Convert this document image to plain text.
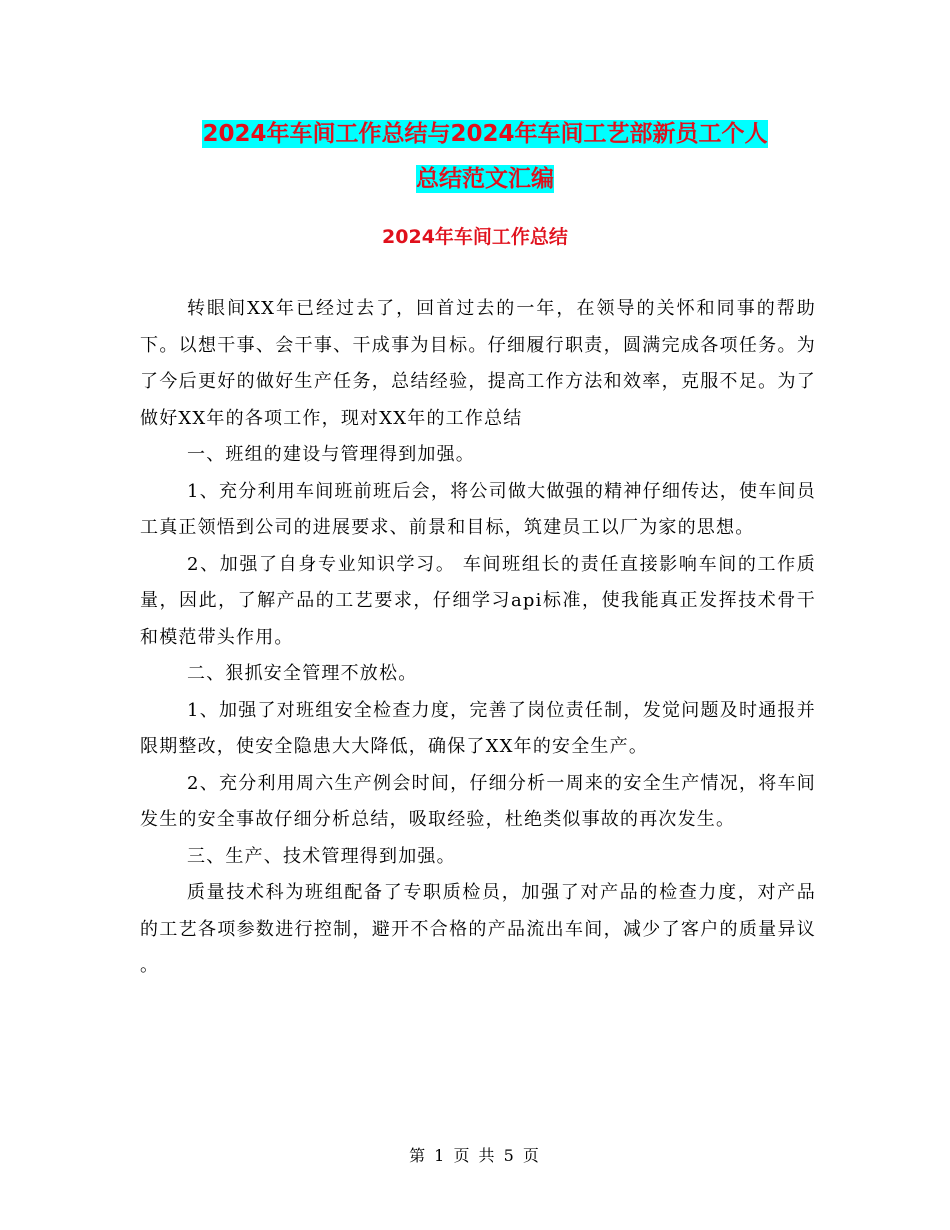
2024年车间工作总结与2024年车间工艺部新员工个人
总结范文汇编
2024年车间工作总结

转眼间XX年已经过去了，回首过去的一年，在领导的关怀和同事的帮助下。以想干事、会干事、干成事为目标。仔细履行职责，圆满完成各项任务。为了今后更好的做好生产任务，总结经验，提高工作方法和效率，克服不足。为了做好XX年的各项工作，现对XX年的工作总结

一、班组的建设与管理得到加强。

1、充分利用车间班前班后会，将公司做大做强的精神仔细传达，使车间员工真正领悟到公司的进展要求、前景和目标，筑建员工以厂为家的思想。

2、加强了自身专业知识学习。 车间班组长的责任直接影响车间的工作质量，因此，了解产品的工艺要求，仔细学习api标准，使我能真正发挥技术骨干和模范带头作用。

二、狠抓安全管理不放松。

1、加强了对班组安全检查力度，完善了岗位责任制，发觉问题及时通报并限期整改，使安全隐患大大降低，确保了XX年的安全生产。

2、充分利用周六生产例会时间，仔细分析一周来的安全生产情况，将车间发生的安全事故仔细分析总结，吸取经验，杜绝类似事故的再次发生。

三、生产、技术管理得到加强。

质量技术科为班组配备了专职质检员，加强了对产品的检查力度，对产品的工艺各项参数进行控制，避开不合格的产品流出车间，减少了客户的质量异议 。

第 1 页 共 5 页
